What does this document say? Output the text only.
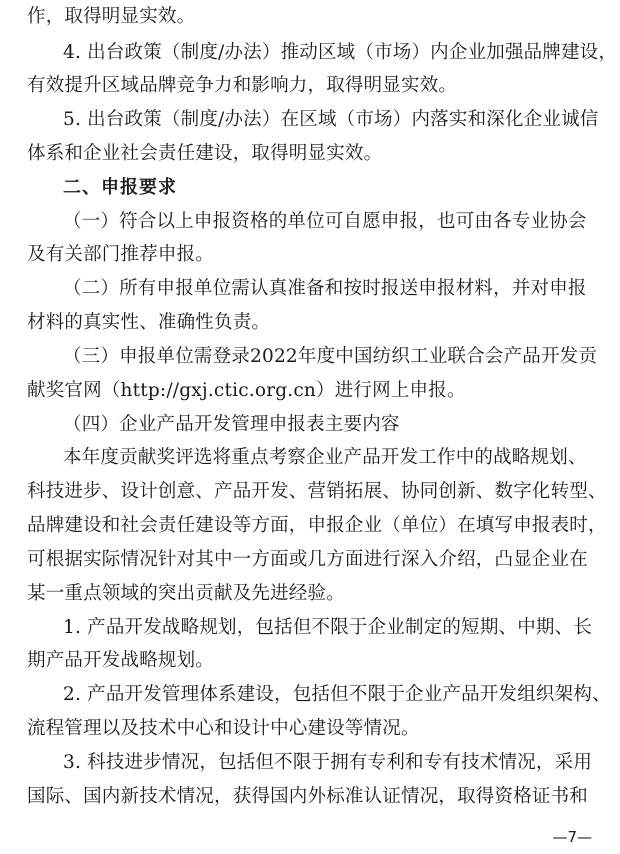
作，取得明显实效。
4. 出台政策（制度/办法）推动区域（市场）内企业加强品牌建设，
有效提升区域品牌竞争力和影响力，取得明显实效。
5. 出台政策（制度/办法）在区域（市场）内落实和深化企业诚信
体系和企业社会责任建设，取得明显实效。
二、申报要求
（一）符合以上申报资格的单位可自愿申报，也可由各专业协会
及有关部门推荐申报。
（二）所有申报单位需认真准备和按时报送申报材料，并对申报
材料的真实性、准确性负责。
（三）申报单位需登录2022年度中国纺织工业联合会产品开发贡
献奖官网（http://gxj.ctic.org.cn）进行网上申报。
（四）企业产品开发管理申报表主要内容
本年度贡献奖评选将重点考察企业产品开发工作中的战略规划、
科技进步、设计创意、产品开发、营销拓展、协同创新、数字化转型、
品牌建设和社会责任建设等方面，申报企业（单位）在填写申报表时，
可根据实际情况针对其中一方面或几方面进行深入介绍，凸显企业在
某一重点领域的突出贡献及先进经验。
1. 产品开发战略规划，包括但不限于企业制定的短期、中期、长
期产品开发战略规划。
2. 产品开发管理体系建设，包括但不限于企业产品开发组织架构、
流程管理以及技术中心和设计中心建设等情况。
3. 科技进步情况，包括但不限于拥有专利和专有技术情况，采用
国际、国内新技术情况，获得国内外标准认证情况，取得资格证书和
—7—
